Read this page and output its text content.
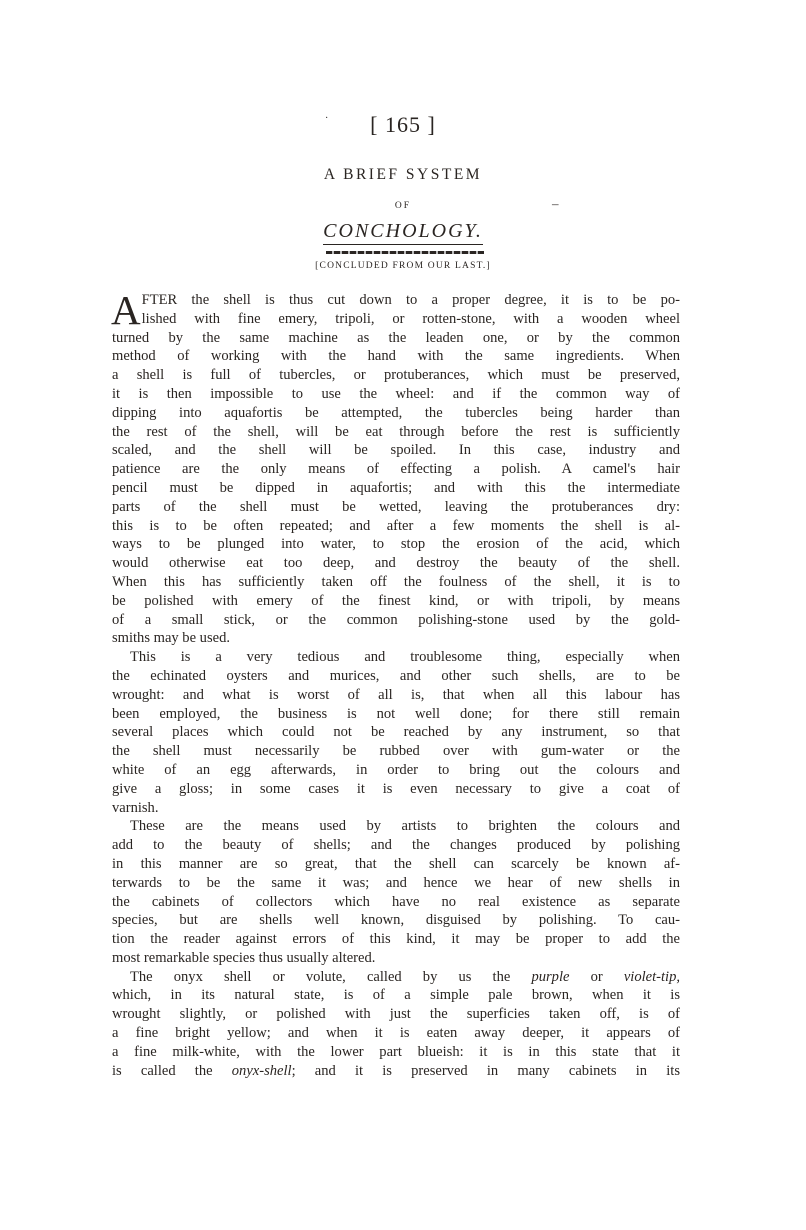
·	[ 165 ]
A BRIEF SYSTEM
OF	–
CONCHOLOGY.
[CONCLUDED FROM OUR LAST.]
A FTER the shell is thus cut down to a proper degree, it is to be po-
lished with fine emery, tripoli, or rotten-stone, with a wooden wheel
turned by the same machine as the leaden one, or by the common
method of working with the hand with the same ingredients. When
a shell is full of tubercles, or protuberances, which must be preserved,
it is then impossible to use the wheel: and if the common way of
dipping into aquafortis be attempted, the tubercles being harder than
the rest of the shell, will be eat through before the rest is sufficiently
scaled, and the shell will be spoiled. In this case, industry and
patience are the only means of effecting a polish. A camel's hair
pencil must be dipped in aquafortis; and with this the intermediate
parts of the shell must be wetted, leaving the protuberances dry:
this is to be often repeated; and after a few moments the shell is al-
ways to be plunged into water, to stop the erosion of the acid, which
would otherwise eat too deep, and destroy the beauty of the shell.
When this has sufficiently taken off the foulness of the shell, it is to
be polished with emery of the finest kind, or with tripoli, by means
of a small stick, or the common polishing-stone used by the gold-
smiths may be used.
This is a very tedious and troublesome thing, especially when
the echinated oysters and murices, and other such shells, are to be
wrought: and what is worst of all is, that when all this labour has
been employed, the business is not well done; for there still remain
several places which could not be reached by any instrument, so that
the shell must necessarily be rubbed over with gum-water or the
white of an egg afterwards, in order to bring out the colours and
give a gloss; in some cases it is even necessary to give a coat of
varnish.
These are the means used by artists to brighten the colours and
add to the beauty of shells; and the changes produced by polishing
in this manner are so great, that the shell can scarcely be known af-
terwards to be the same it was; and hence we hear of new shells in
the cabinets of collectors which have no real existence as separate
species, but are shells well known, disguised by polishing. To cau-
tion the reader against errors of this kind, it may be proper to add the
most remarkable species thus usually altered.
The onyx shell or volute, called by us the purple or violet-tip,
which, in its natural state, is of a simple pale brown, when it is
wrought slightly, or polished with just the superficies taken off, is of
a fine bright yellow; and when it is eaten away deeper, it appears of
a fine milk-white, with the lower part blueish: it is in this state that it
is called the onyx-shell; and it is preserved in many cabinets in its
